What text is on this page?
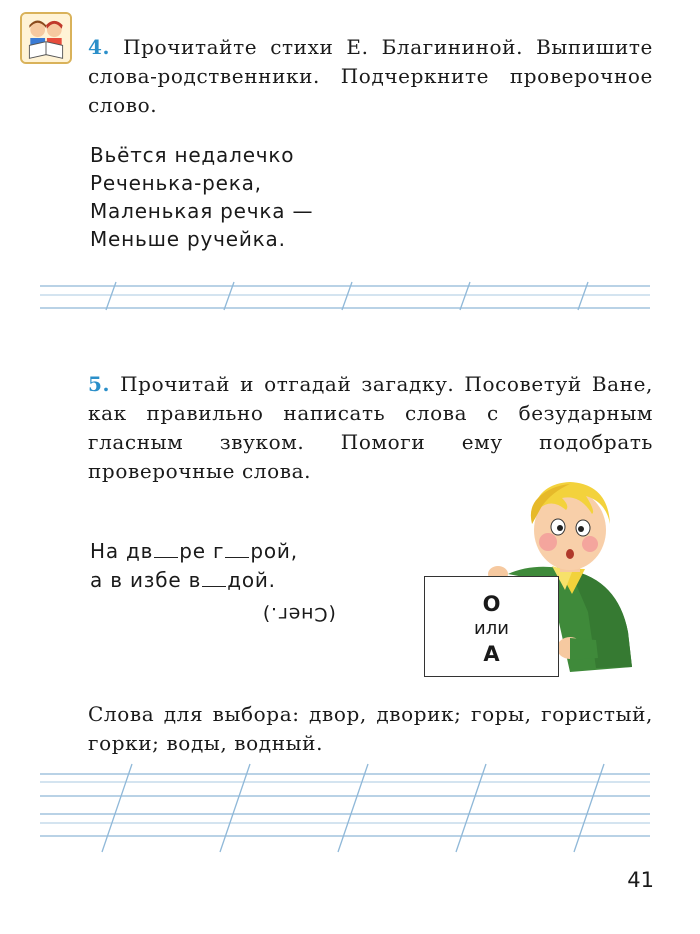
4. Прочитайте стихи Е. Благининой. Выпишите слова-родственники. Подчеркните проверочное слово.
Вьётся недалечко
Реченька-река,
Маленькая речка —
Меньше ручейка.
5. Прочитай и отгадай загадку. Посоветуй Ване, как правильно написать слова с безударным гласным звуком. Помоги ему подобрать проверочные слова.
На дв ре г рой,
а в избе в дой.
(Снег.)	О
или
А
Слова для выбора: двор, дворик; горы, гористый, горки; воды, водный.
41
